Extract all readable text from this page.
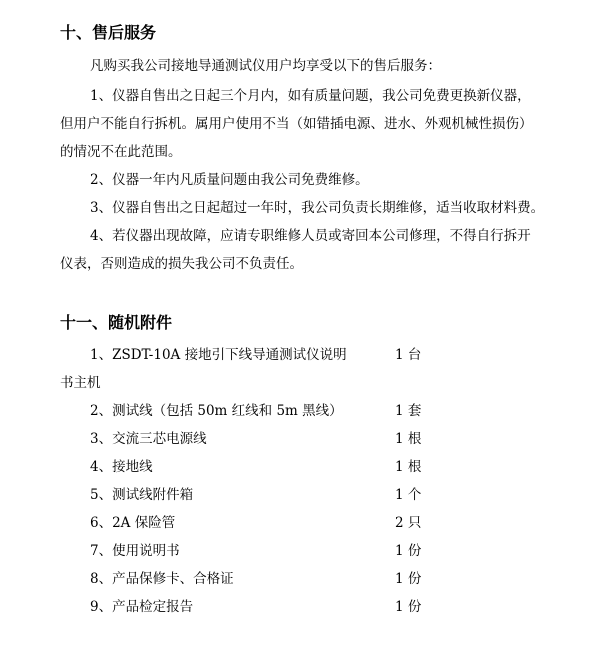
十、售后服务
凡购买我公司接地导通测试仪用户均享受以下的售后服务：
1、仪器自售出之日起三个月内，如有质量问题，我公司免费更换新仪器，
但用户不能自行拆机。属用户使用不当（如错插电源、进水、外观机械性损伤）
的情况不在此范围。
2、仪器一年内凡质量问题由我公司免费维修。
3、仪器自售出之日起超过一年时，我公司负责长期维修，适当收取材料费。
4、若仪器出现故障，应请专职维修人员或寄回本公司修理，不得自行拆开
仪表，否则造成的损失我公司不负责任。
十一、随机附件
1、ZSDT-10A 接地引下线导通测试仪说明	1 台
书主机
2、测试线（包括 50m 红线和 5m 黑线）	1 套
3、交流三芯电源线	1 根
4、接地线	1 根
5、测试线附件箱	1 个
6、2A 保险管	2 只
7、使用说明书	1 份
8、产品保修卡、合格证	1 份
9、产品检定报告	1 份
